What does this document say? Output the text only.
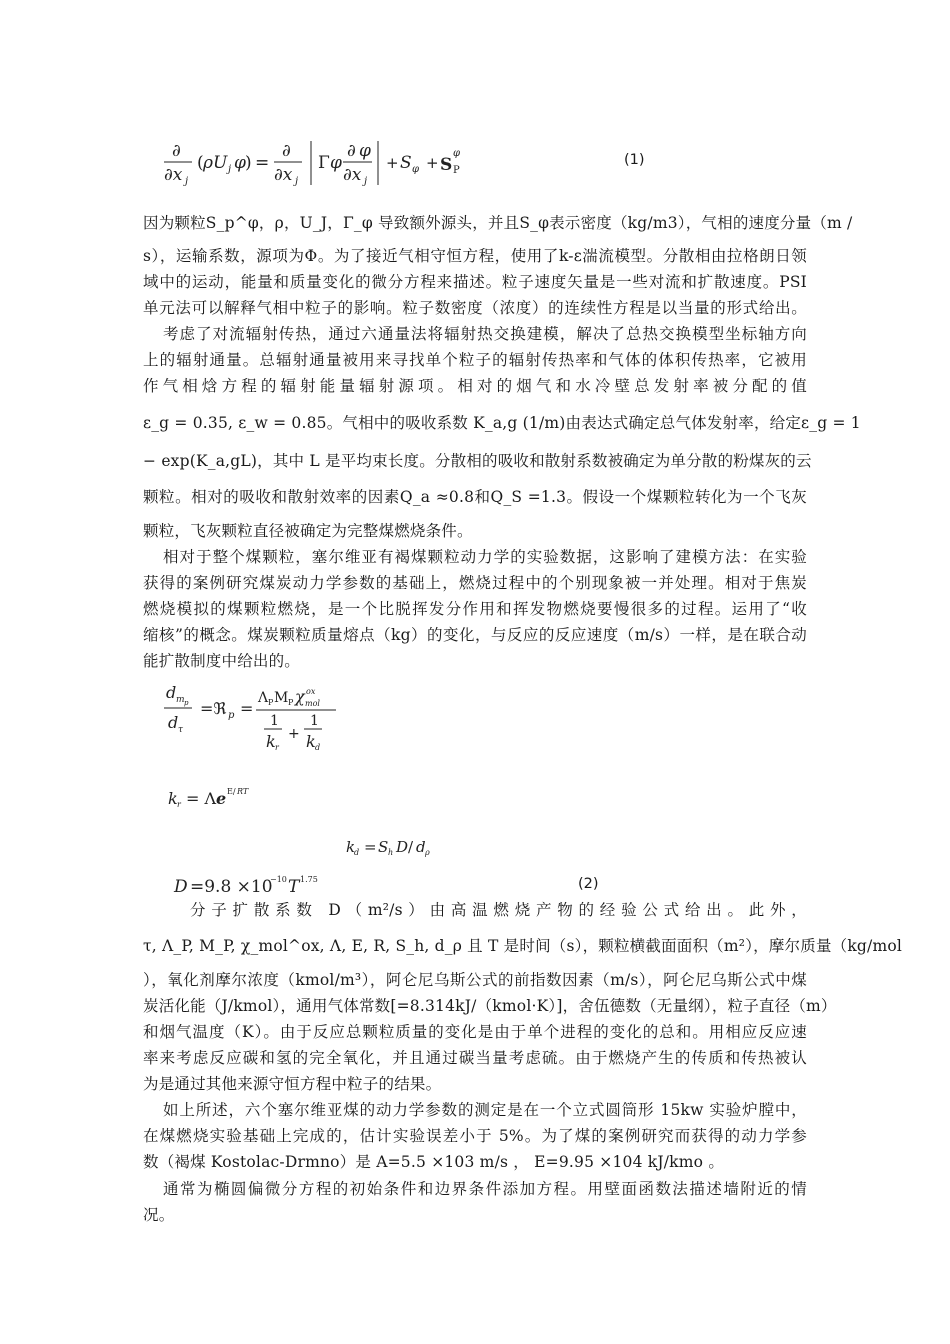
∂
∂x j
( ρU j φ ) =
∂
∂x j
Γ φ
∂ φ
∂x j
+ S φ + S P
φ	(1)
因为颗粒S_p^φ，ρ，U_J，Γ_φ 导致额外源头，并且S_φ表示密度（kg/m3），气相的速度分量（m /
s），运输系数，源项为Φ。为了接近气相守恒方程，使用了k-ε湍流模型。分散相由拉格朗日领
域中的运动，能量和质量变化的微分方程来描述。粒子速度矢量是一些对流和扩散速度。PSI
单元法可以解释气相中粒子的影响。粒子数密度（浓度）的连续性方程是以当量的形式给出。
考虑了对流辐射传热，通过六通量法将辐射热交换建模，解决了总热交换模型坐标轴方向
上的辐射通量。总辐射通量被用来寻找单个粒子的辐射传热率和气体的体积传热率，它被用
作气相焓方程的辐射能量辐射源项。相对的烟气和水冷壁总发射率被分配的值
ε_g = 0.35, ε_w = 0.85。气相中的吸收系数 K_a,g (1/m)由表达式确定总气体发射率，给定ε_g = 1
− exp(K_a,gL)，其中 L 是平均束长度。分散相的吸收和散射系数被确定为单分散的粉煤灰的云
颗粒。相对的吸收和散射效率的因素Q_a ≈0.8和Q_S =1.3。假设一个煤颗粒转化为一个飞灰
颗粒，飞灰颗粒直径被确定为完整煤燃烧条件。
相对于整个煤颗粒，塞尔维亚有褐煤颗粒动力学的实验数据，这影响了建模方法：在实验
获得的案例研究煤炭动力学参数的基础上，燃烧过程中的个别现象被一并处理。相对于焦炭
燃烧模拟的煤颗粒燃烧，是一个比脱挥发分作用和挥发物燃烧要慢很多的过程。运用了“收
缩核”的概念。煤炭颗粒质量熔点（kg）的变化，与反应的反应速度（m/s）一样，是在联合动
能扩散制度中给出的。
d m p
d τ
=ℜ p =
Λ P M P χ ox
mol
1
k r
+
1
k d
k r = Λ e E/ RT
k
d = S h D / d ρ
D =9.8 ×10
−10 T 1.75	(2)
分子扩散系数 D（m²/s）由高温燃烧产物的经验公式给出。此外，
τ, Λ_P, M_P, χ_mol^ox, Λ, E, R, S_h, d_ρ 且 T 是时间（s），颗粒横截面面积（m²），摩尔质量（kg/mol
），氧化剂摩尔浓度（kmol/m³），阿仑尼乌斯公式的前指数因素（m/s），阿仑尼乌斯公式中煤
炭活化能（J/kmol），通用气体常数[=8.314kJ/（kmol·K）]，舍伍德数（无量纲），粒子直径（m）
和烟气温度（K）。由于反应总颗粒质量的变化是由于单个进程的变化的总和。用相应反应速
率来考虑反应碳和氢的完全氧化，并且通过碳当量考虑硫。由于燃烧产生的传质和传热被认
为是通过其他来源守恒方程中粒子的结果。
如上所述，六个塞尔维亚煤的动力学参数的测定是在一个立式圆筒形 15kw 实验炉膛中，
在煤燃烧实验基础上完成的，估计实验误差小于 5%。为了煤的案例研究而获得的动力学参
数（褐煤 Kostolac-Drmno）是 A=5.5 ×103 m/s ， E=9.95 ×104 kJ/kmo 。
通常为椭圆偏微分方程的初始条件和边界条件添加方程。用壁面函数法描述墙附近的情
况。
